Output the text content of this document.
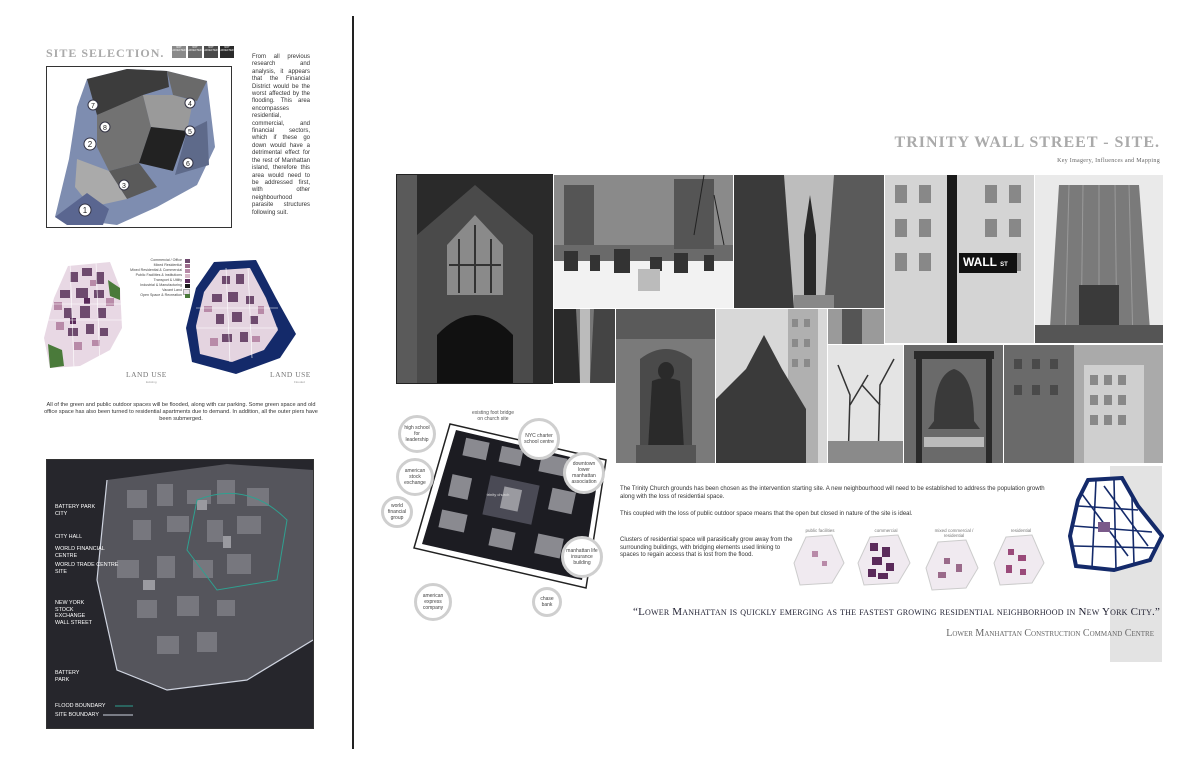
SITE SELECTION.	NOT AFFECTED
NOT AFFECTED
NOT AFFECTED
NOT AFFECTED
1
2
3
4
5
6
7
8
From all previous research and analysis, it appears that the Financial District would be the worst affected by the flooding. This area encompasses residential, commercial, and financial sectors, which if these go down would have a detrimental effect for the rest of Manhattan island, therefore this area would need to be addressed first, with other neighbourhood parasite structures following suit.
Commercial / Office
Mixed Residential
Mixed Residential & Commercial
Public Facilities & Institutions
Transport & Utility
Industrial & Manufacturing
Vacant Land
Open Space & Recreation
LAND USE
Existing
LAND USE
Flooded
All of the green and public outdoor spaces will be flooded, along with car parking. Some green space and old office space has also been turned to residential apartments due to demand. In addition, all the outer piers have been submerged.
BATTERY PARK CITY
CITY HALL
WORLD FINANCIAL CENTRE
WORLD TRADE CENTRE SITE
NEW YORK STOCK EXCHANGE
WALL STREET
BATTERY PARK
FLOOD BOUNDARY
SITE BOUNDARY
TRINITY WALL STREET - SITE.
Key Imagery, Influences and Mapping
WALL ST
trinity church
high school for leadership
existing foot bridge on church site
NYC charter school centre
american stock exchange
downtown lower manhattan association
world financial group
manhattan life insurance building
american express company
chase bank
The Trinity Church grounds has been chosen as the intervention starting site. A new neighbourhood will need to be established to address the population growth along with the loss of residential space.
This coupled with the loss of public outdoor space means that the open but closed in nature of the site is ideal.
Clusters of residential space will parasitically grow away from the surrounding buildings, with bridging elements used linking to spaces to regain access that is lost from the flood.
public facilities	commercial	mixed commercial / residential
residential
“Lower Manhattan is quickly emerging as the fastest growing residential neighborhood in New York City.”
Lower Manhattan Construction Command Centre
